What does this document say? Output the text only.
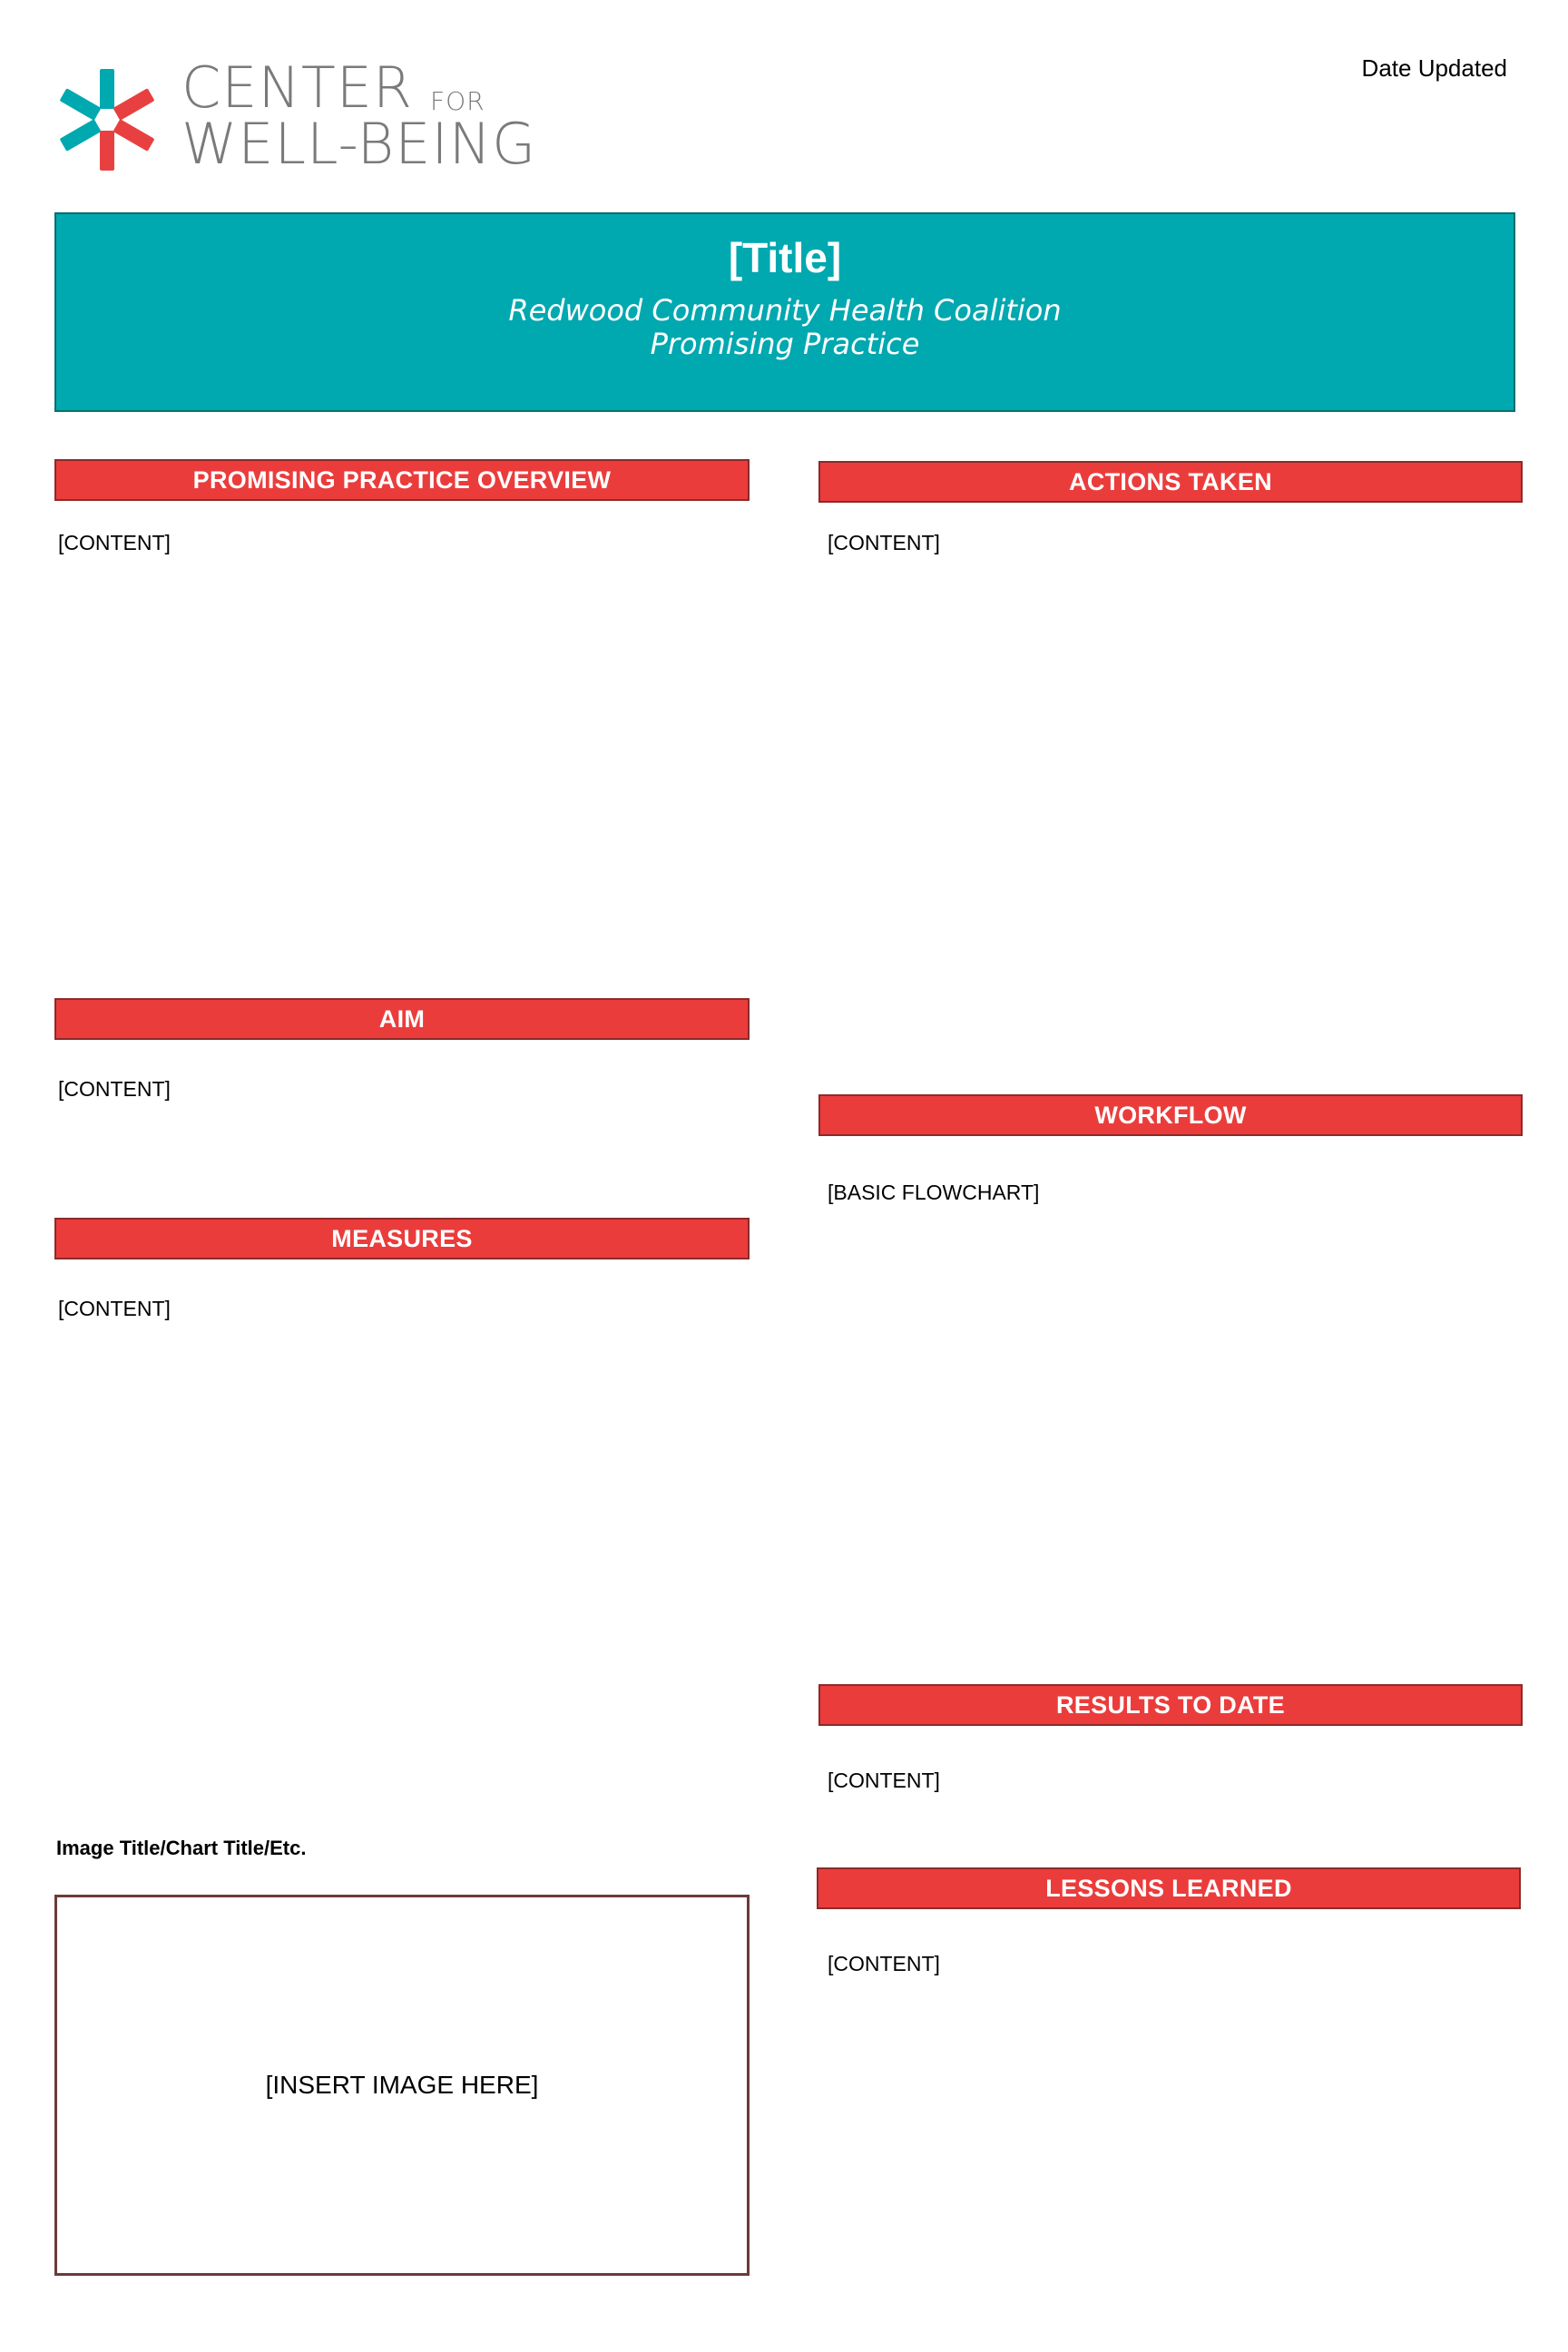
CENTER FOR
WELL-BEING
Date Updated
[Title]
Redwood Community Health Coalition
Promising Practice
PROMISING PRACTICE OVERVIEW
[CONTENT]
AIM
[CONTENT]
MEASURES
[CONTENT]
Image Title/Chart Title/Etc.
[INSERT IMAGE HERE]
ACTIONS TAKEN
[CONTENT]
WORKFLOW
[BASIC FLOWCHART]
RESULTS TO DATE
[CONTENT]
LESSONS LEARNED
[CONTENT]
